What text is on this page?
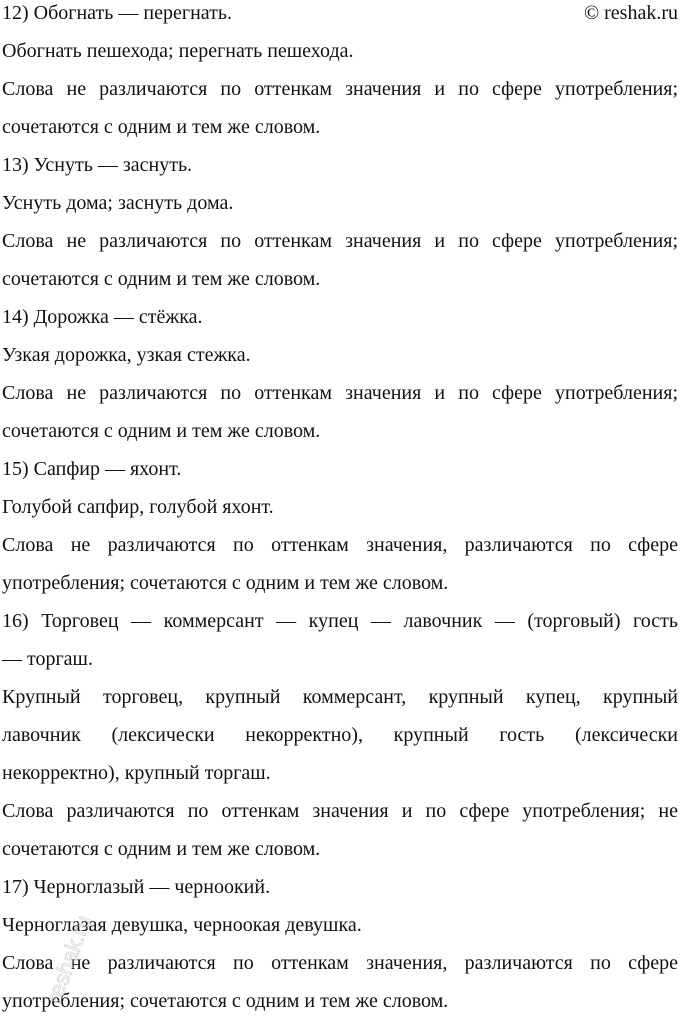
© reshak.ru
12) Обогнать — перегнать.
Обогнать пешехода; перегнать пешехода.
Слова не различаются по оттенкам значения и по сфере употребления;
сочетаются с одним и тем же словом.
13) Уснуть — заснуть.
Уснуть дома; заснуть дома.
Слова не различаются по оттенкам значения и по сфере употребления;
сочетаются с одним и тем же словом.
14) Дорожка — стёжка.
Узкая дорожка, узкая стежка.
Слова не различаются по оттенкам значения и по сфере употребления;
сочетаются с одним и тем же словом.
15) Сапфир — яхонт.
Голубой сапфир, голубой яхонт.
Слова не различаются по оттенкам значения, различаются по сфере
употребления; сочетаются с одним и тем же словом.
16) Торговец — коммерсант — купец — лавочник — (торговый) гость
— торгаш.
Крупный торговец, крупный коммерсант, крупный купец, крупный
лавочник (лексически некорректно), крупный гость (лексически
некорректно), крупный торгаш.
Слова различаются по оттенкам значения и по сфере употребления; не
сочетаются с одним и тем же словом.
17) Черноглазый — черноокий.
Черноглазая девушка, черноокая девушка.
Слова не различаются по оттенкам значения, различаются по сфере
употребления; сочетаются с одним и тем же словом.
reshak.ru
